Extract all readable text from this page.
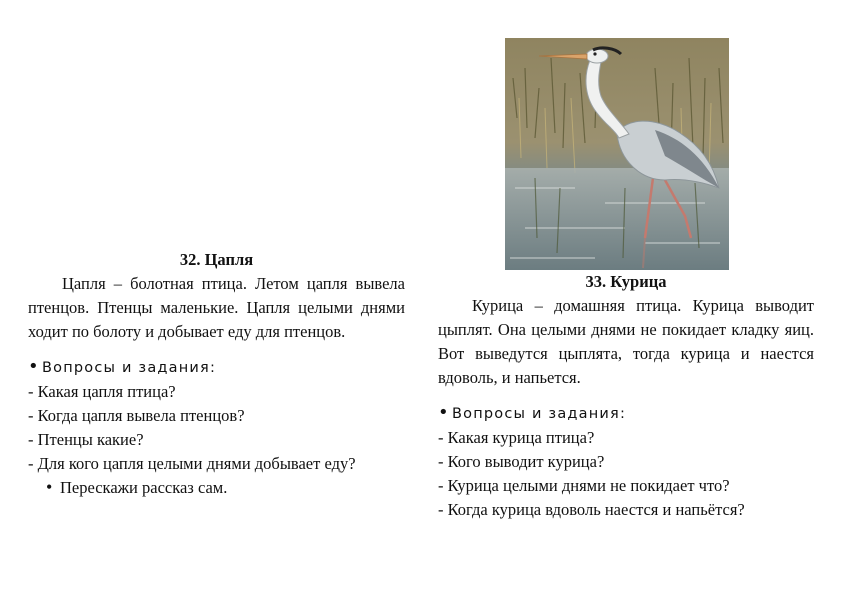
32. Цапля

Цапля – болотная птица. Летом цапля вывела птенцов. Птенцы маленькие. Цапля целыми днями ходит по болоту и добывает еду для птенцов.

• Вопросы и задания:
- Какая цапля птица?
- Когда цапля вывела птенцов?
- Птенцы какие?
- Для кого цапля целыми днями добывает еду?
• Перескажи рассказ сам.
33. Курица

Курица – домашняя птица. Курица выводит цыплят. Она целыми днями не покидает кладку яиц. Вот выведутся цыплята, тогда курица и наестся вдоволь, и напьется.

• Вопросы и задания:
- Какая курица птица?
- Кого выводит курица?
- Курица целыми днями не покидает что?
- Когда курица вдоволь наестся и напьётся?
